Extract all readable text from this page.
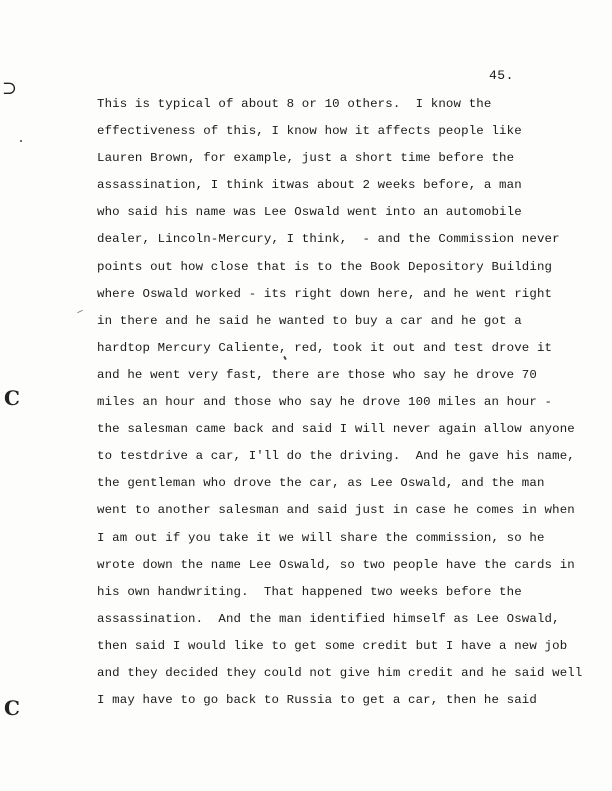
45.
⊃
C
C
This is typical of about 8 or 10 others.  I know the
effectiveness of this, I know how it affects people like
Lauren Brown, for example, just a short time before the
assassination, I think itwas about 2 weeks before, a man
who said his name was Lee Oswald went into an automobile
dealer, Lincoln-Mercury, I think,  - and the Commission never
points out how close that is to the Book Depository Building
where Oswald worked - its right down here, and he went right
in there and he said he wanted to buy a car and he got a
hardtop Mercury Caliente, red, took it out and test drove it
and he went very fast, there are those who say he drove 70
miles an hour and those who say he drove 100 miles an hour -
the salesman came back and said I will never again allow anyone
to testdrive a car, I'll do the driving.  And he gave his name,
the gentleman who drove the car, as Lee Oswald, and the man
went to another salesman and said just in case he comes in when
I am out if you take it we will share the commission, so he
wrote down the name Lee Oswald, so two people have the cards in
his own handwriting.  That happened two weeks before the
assassination.  And the man identified himself as Lee Oswald,
then said I would like to get some credit but I have a new job
and they decided they could not give him credit and he said well
I may have to go back to Russia to get a car, then he said
